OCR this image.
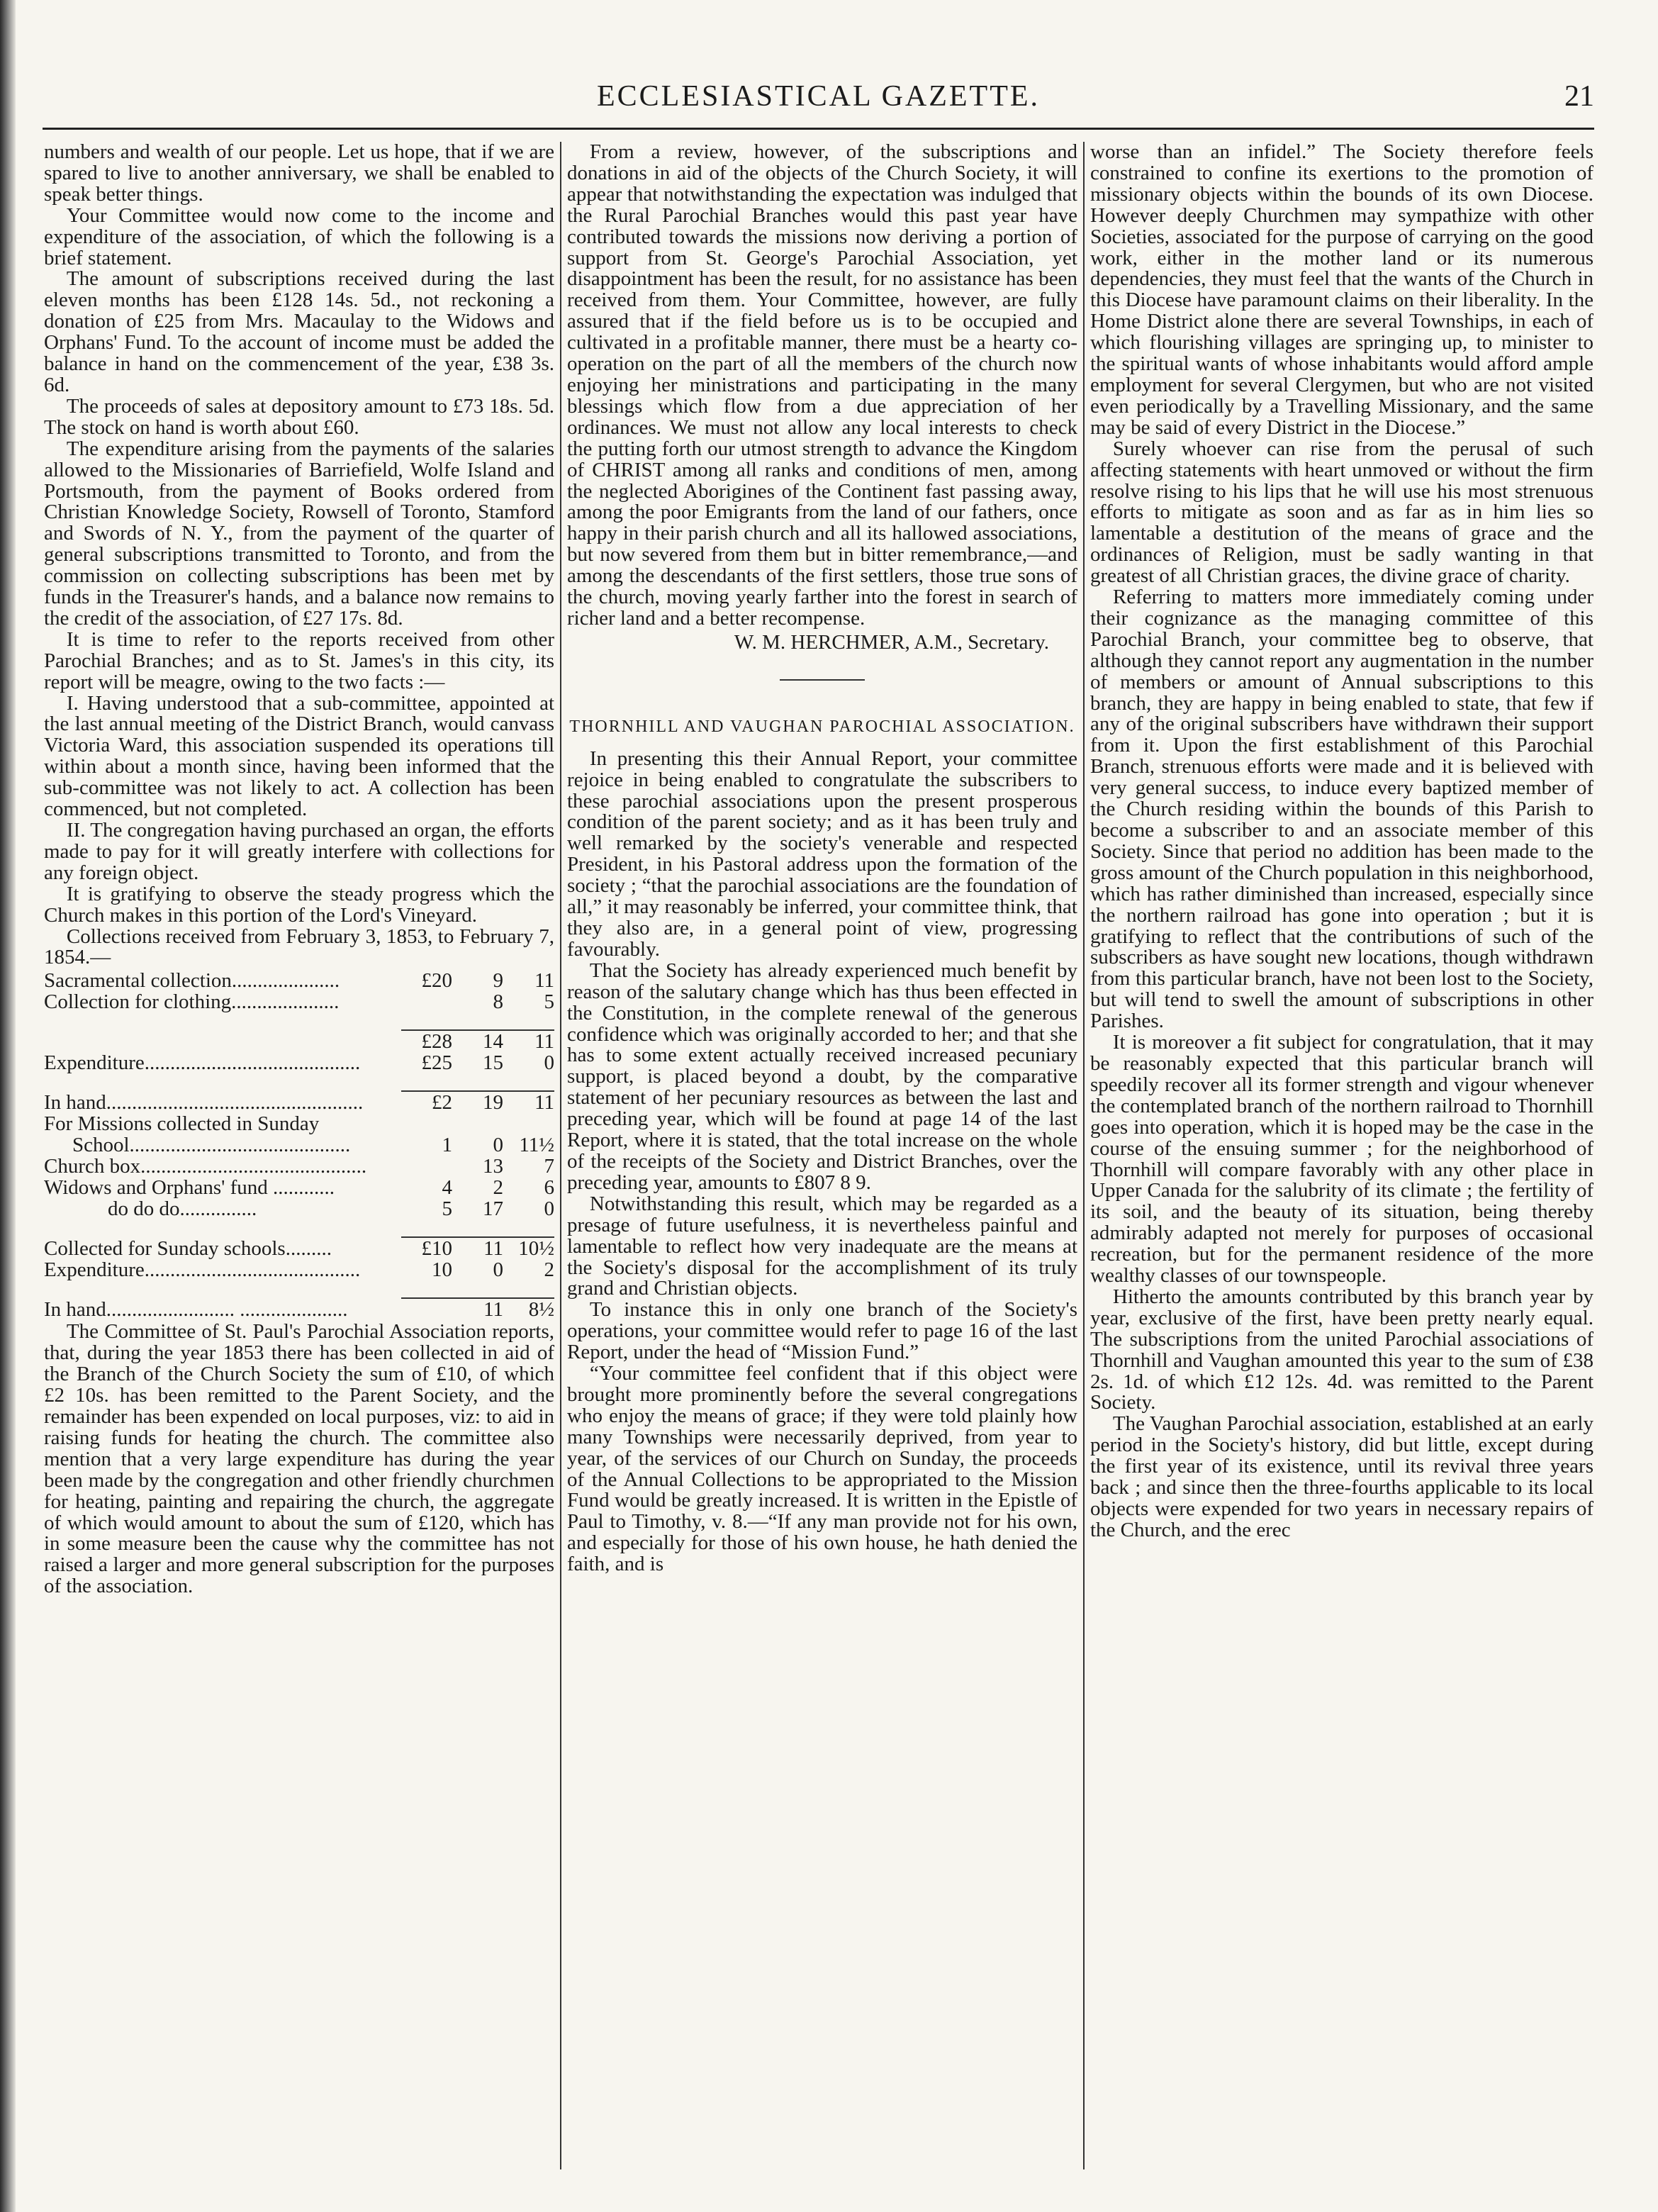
ECCLESIASTICAL GAZETTE.	21

numbers and wealth of our people. Let us hope, that if we are spared to live to another anniversary, we shall be enabled to speak better things.

Your Committee would now come to the income and expenditure of the association, of which the following is a brief statement.

The amount of subscriptions received during the last eleven months has been £128 14s. 5d., not reckoning a donation of £25 from Mrs. Macaulay to the Widows and Orphans' Fund. To the account of income must be added the balance in hand on the commencement of the year, £38 3s. 6d.

The proceeds of sales at depository amount to £73 18s. 5d. The stock on hand is worth about £60.

The expenditure arising from the payments of the salaries allowed to the Missionaries of Barriefield, Wolfe Island and Portsmouth, from the payment of Books ordered from Christian Knowledge Society, Rowsell of Toronto, Stamford and Swords of N. Y., from the payment of the quarter of general subscriptions transmitted to Toronto, and from the commission on collecting subscriptions has been met by funds in the Treasurer's hands, and a balance now remains to the credit of the association, of £27 17s. 8d.

It is time to refer to the reports received from other Parochial Branches; and as to St. James's in this city, its report will be meagre, owing to the two facts :—

I. Having understood that a sub-committee, appointed at the last annual meeting of the District Branch, would canvass Victoria Ward, this association suspended its operations till within about a month since, having been informed that the sub-committee was not likely to act. A collection has been commenced, but not completed.

II. The congregation having purchased an organ, the efforts made to pay for it will greatly interfere with collections for any foreign object.

It is gratifying to observe the steady progress which the Church makes in this portion of the Lord's Vineyard.

Collections received from February 3, 1853, to February 7, 1854.—

Sacramental collection.....................	£20	9	11
Collection for clothing.....................		8	5

	£28	14	11
Expenditure..........................................	£25	15	0

In hand..................................................	£2	19	11
For Missions collected in Sunday			
School...........................................	1	0	11½
Church box............................................		13	7
Widows and Orphans' fund ............	4	2	6
do do do...............	5	17	0

Collected for Sunday schools.........	£10	11	10½
Expenditure..........................................	10	0	2

In hand......................... .....................		11	8½

The Committee of St. Paul's Parochial Association reports, that, during the year 1853 there has been collected in aid of the Branch of the Church Society the sum of £10, of which £2 10s. has been remitted to the Parent Society, and the remainder has been expended on local purposes, viz: to aid in raising funds for heating the church. The committee also mention that a very large expenditure has during the year been made by the congregation and other friendly churchmen for heating, painting and repairing the church, the aggregate of which would amount to about the sum of £120, which has in some measure been the cause why the committee has not raised a larger and more general subscription for the purposes of the association.

From a review, however, of the subscriptions and donations in aid of the objects of the Church Society, it will appear that notwithstanding the expectation was indulged that the Rural Parochial Branches would this past year have contributed towards the missions now deriving a portion of support from St. George's Parochial Association, yet disappointment has been the result, for no assistance has been received from them. Your Committee, however, are fully assured that if the field before us is to be occupied and cultivated in a profitable manner, there must be a hearty co-operation on the part of all the members of the church now enjoying her ministrations and participating in the many blessings which flow from a due appreciation of her ordinances. We must not allow any local interests to check the putting forth our utmost strength to advance the Kingdom of CHRIST among all ranks and conditions of men, among the neglected Aborigines of the Continent fast passing away, among the poor Emigrants from the land of our fathers, once happy in their parish church and all its hallowed associations, but now severed from them but in bitter remembrance,—and among the descendants of the first settlers, those true sons of the church, moving yearly farther into the forest in search of richer land and a better recompense.

W. M. HERCHMER, A.M., Secretary.
THORNHILL AND VAUGHAN PAROCHIAL ASSOCIATION.

In presenting this their Annual Report, your committee rejoice in being enabled to congratulate the subscribers to these parochial associations upon the present prosperous condition of the parent society; and as it has been truly and well remarked by the society's venerable and respected President, in his Pastoral address upon the formation of the society ; “that the parochial associations are the foundation of all,” it may reasonably be inferred, your committee think, that they also are, in a general point of view, progressing favourably.

That the Society has already experienced much benefit by reason of the salutary change which has thus been effected in the Constitution, in the complete renewal of the generous confidence which was originally accorded to her; and that she has to some extent actually received increased pecuniary support, is placed beyond a doubt, by the comparative statement of her pecuniary resources as between the last and preceding year, which will be found at page 14 of the last Report, where it is stated, that the total increase on the whole of the receipts of the Society and District Branches, over the preceding year, amounts to £807 8 9.

Notwithstanding this result, which may be regarded as a presage of future usefulness, it is nevertheless painful and lamentable to reflect how very inadequate are the means at the Society's disposal for the accomplishment of its truly grand and Christian objects.

To instance this in only one branch of the Society's operations, your committee would refer to page 16 of the last Report, under the head of “Mission Fund.”

“Your committee feel confident that if this object were brought more prominently before the several congregations who enjoy the means of grace; if they were told plainly how many Townships were necessarily deprived, from year to year, of the services of our Church on Sunday, the proceeds of the Annual Collections to be appropriated to the Mission Fund would be greatly increased. It is written in the Epistle of Paul to Timothy, v. 8.—“If any man provide not for his own, and especially for those of his own house, he hath denied the faith, and is

worse than an infidel.” The Society therefore feels constrained to confine its exertions to the promotion of missionary objects within the bounds of its own Diocese. However deeply Churchmen may sympathize with other Societies, associated for the purpose of carrying on the good work, either in the mother land or its numerous dependencies, they must feel that the wants of the Church in this Diocese have paramount claims on their liberality. In the Home District alone there are several Townships, in each of which flourishing villages are springing up, to minister to the spiritual wants of whose inhabitants would afford ample employment for several Clergymen, but who are not visited even periodically by a Travelling Missionary, and the same may be said of every District in the Diocese.”

Surely whoever can rise from the perusal of such affecting statements with heart unmoved or without the firm resolve rising to his lips that he will use his most strenuous efforts to mitigate as soon and as far as in him lies so lamentable a destitution of the means of grace and the ordinances of Religion, must be sadly wanting in that greatest of all Christian graces, the divine grace of charity.

Referring to matters more immediately coming under their cognizance as the managing committee of this Parochial Branch, your committee beg to observe, that although they cannot report any augmentation in the number of members or amount of Annual subscriptions to this branch, they are happy in being enabled to state, that few if any of the original subscribers have withdrawn their support from it. Upon the first establishment of this Parochial Branch, strenuous efforts were made and it is believed with very general success, to induce every baptized member of the Church residing within the bounds of this Parish to become a subscriber to and an associate member of this Society. Since that period no addition has been made to the gross amount of the Church population in this neighborhood, which has rather diminished than increased, especially since the northern railroad has gone into operation ; but it is gratifying to reflect that the contributions of such of the subscribers as have sought new locations, though withdrawn from this particular branch, have not been lost to the Society, but will tend to swell the amount of subscriptions in other Parishes.

It is moreover a fit subject for congratulation, that it may be reasonably expected that this particular branch will speedily recover all its former strength and vigour whenever the contemplated branch of the northern railroad to Thornhill goes into operation, which it is hoped may be the case in the course of the ensuing summer ; for the neighborhood of Thornhill will compare favorably with any other place in Upper Canada for the salubrity of its climate ; the fertility of its soil, and the beauty of its situation, being thereby admirably adapted not merely for purposes of occasional recreation, but for the permanent residence of the more wealthy classes of our townspeople.

Hitherto the amounts contributed by this branch year by year, exclusive of the first, have been pretty nearly equal. The subscriptions from the united Parochial associations of Thornhill and Vaughan amounted this year to the sum of £38 2s. 1d. of which £12 12s. 4d. was remitted to the Parent Society.

The Vaughan Parochial association, established at an early period in the Society's history, did but little, except during the first year of its existence, until its revival three years back ; and since then the three-fourths applicable to its local objects were expended for two years in necessary repairs of the Church, and the erec
